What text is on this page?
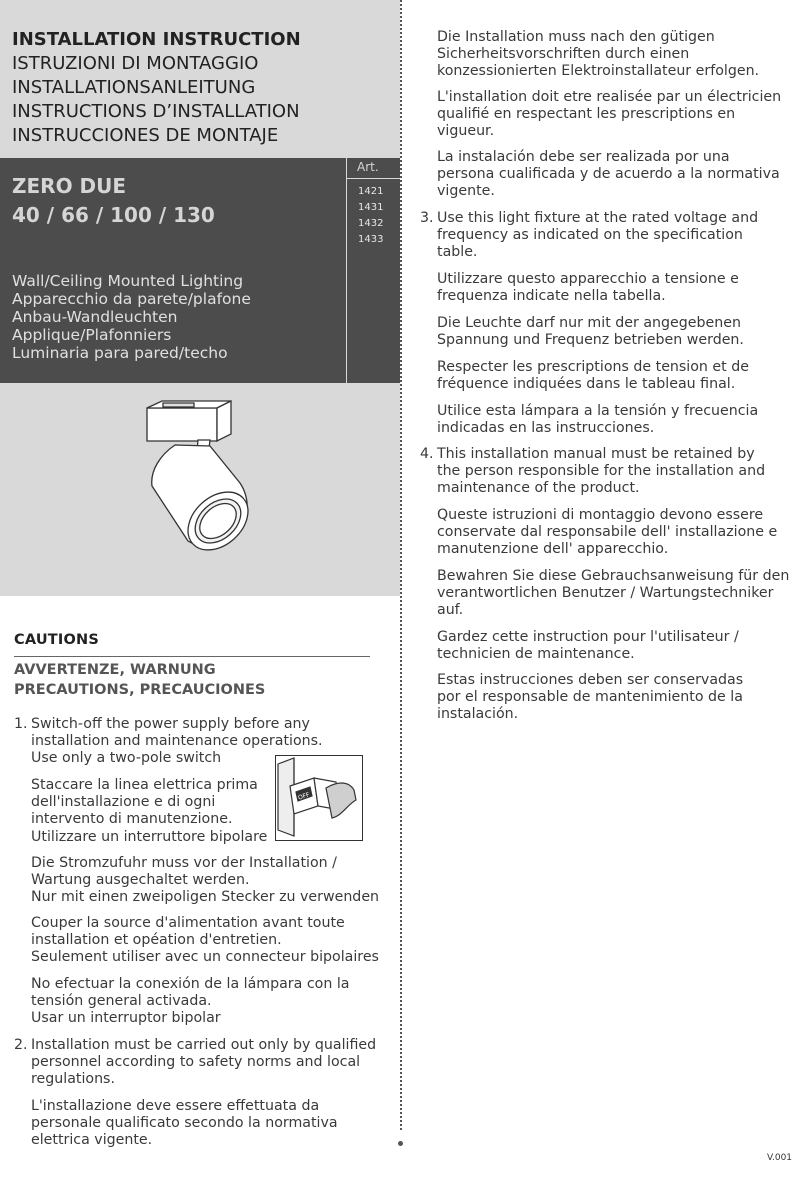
INSTALLATION INSTRUCTION
ISTRUZIONI DI MONTAGGIO
INSTALLATIONSANLEITUNG
INSTRUCTIONS D’INSTALLATION
INSTRUCCIONES DE MONTAJE
ZERO DUE
40 / 66 / 100 / 130
Art.
1421
1431
1432
1433
Wall/Ceiling Mounted Lighting
Apparecchio da parete/plafone
Anbau-Wandleuchten
Applique/Plafonniers
Luminaria para pared/techo
CAUTIONS
AVVERTENZE, WARNUNG
PRECAUTIONS, PRECAUCIONES
1. Switch-off the power supply before any
installation and maintenance operations.
Use only a two-pole switch
Staccare la linea elettrica prima
dell'installazione e di ogni
intervento di manutenzione.
Utilizzare un interruttore bipolare
OFF
Die Stromzufuhr muss vor der Installation /
Wartung ausgechaltet werden.
Nur mit einen zweipoligen Stecker zu verwenden
Couper la source d'alimentation avant toute
installation et opéation d'entretien.
Seulement utiliser avec un connecteur bipolaires
No efectuar la conexión de la lámpara con la
tensión general activada.
Usar un interruptor bipolar
2. Installation must be carried out only by qualified
personnel according to safety norms and local
regulations.
L'installazione deve essere effettuata da
personale qualificato secondo la normativa
elettrica vigente.
Die Installation muss nach den gütigen
Sicherheitsvorschriften durch einen
konzessionierten Elektroinstallateur erfolgen.
L'installation doit etre realisée par un électricien
qualifié en respectant les prescriptions en
vigueur.
La instalación debe ser realizada por una
persona cualificada y de acuerdo a la normativa
vigente.
3. Use this light fixture at the rated voltage and
frequency as indicated on the specification
table.
Utilizzare questo apparecchio a tensione e
frequenza indicate nella tabella.
Die Leuchte darf nur mit der angegebenen
Spannung und Frequenz betrieben werden.
Respecter les prescriptions de tension et de
fréquence indiquées dans le tableau final.
Utilice esta lámpara a la tensión y frecuencia
indicadas en las instrucciones.
4. This installation manual must be retained by
the person responsible for the installation and
maintenance of the product.
Queste istruzioni di montaggio devono essere
conservate dal responsabile dell' installazione e
manutenzione dell' apparecchio.
Bewahren Sie diese Gebrauchsanweisung für den
verantwortlichen Benutzer / Wartungstechniker
auf.
Gardez cette instruction pour l'utilisateur /
technicien de maintenance.
Estas instrucciones deben ser conservadas
por el responsable de mantenimiento de la
instalación.
V.001
